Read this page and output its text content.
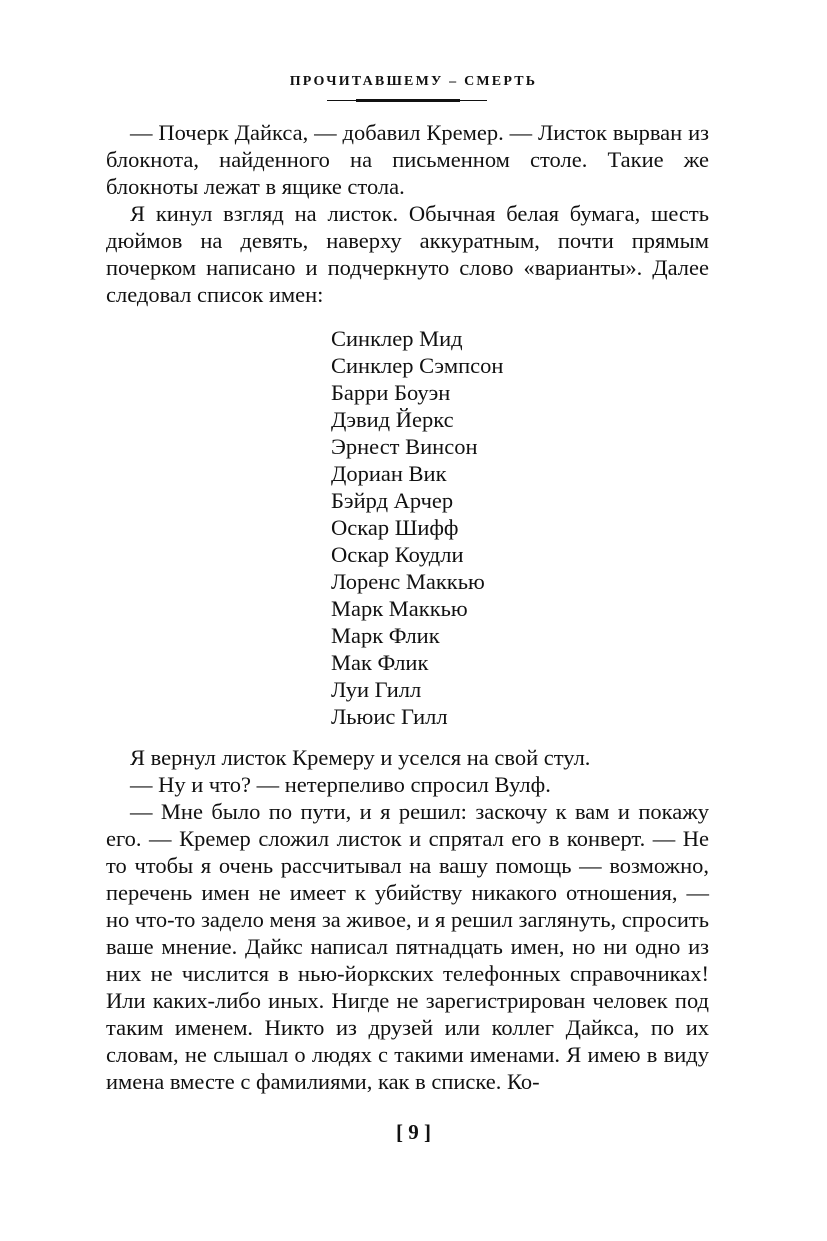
ПРОЧИТАВШЕМУ – СМЕРТЬ

— Почерк Дайкса, — добавил Кремер. — Листок вырван из блокнота, найденного на письменном столе. Такие же блокноты лежат в ящике стола.

Я кинул взгляд на листок. Обычная белая бумага, шесть дюймов на девять, наверху аккуратным, почти прямым почерком написано и подчеркнуто слово «варианты». Далее следовал список имен:

Синклер Мид
Синклер Сэмпсон
Барри Боуэн
Дэвид Йеркс
Эрнест Винсон
Дориан Вик
Бэйрд Арчер
Оскар Шифф
Оскар Коудли
Лоренс Маккью
Марк Маккью
Марк Флик
Мак Флик
Луи Гилл
Льюис Гилл

Я вернул листок Кремеру и уселся на свой стул.

— Ну и что? — нетерпеливо спросил Вулф.

— Мне было по пути, и я решил: заскочу к вам и покажу его. — Кремер сложил листок и спрятал его в конверт. — Не то чтобы я очень рассчитывал на вашу помощь — возможно, перечень имен не имеет к убийству никакого отношения, — но что-то задело меня за живое, и я решил заглянуть, спросить ваше мнение. Дайкс написал пятнадцать имен, но ни одно из них не числится в нью-йоркских телефонных справочниках! Или каких-либо иных. Нигде не зарегистрирован человек под таким именем. Никто из друзей или коллег Дайкса, по их словам, не слышал о людях с такими именами. Я имею в виду имена вместе с фамилиями, как в списке. Ко-

[ 9 ]
